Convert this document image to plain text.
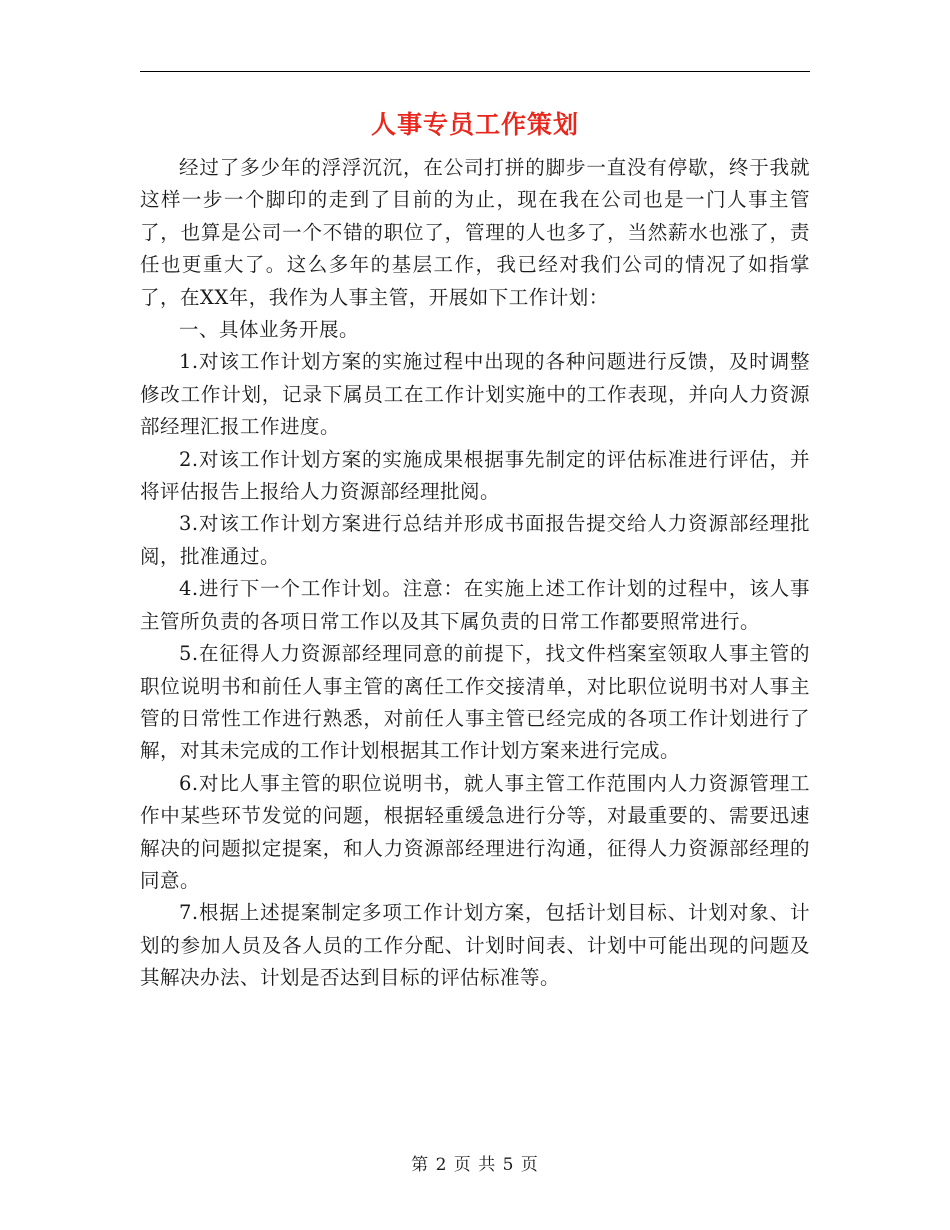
人事专员工作策划

经过了多少年的浮浮沉沉，在公司打拼的脚步一直没有停歇，终于我就这样一步一个脚印的走到了目前的为止，现在我在公司也是一门人事主管了，也算是公司一个不错的职位了，管理的人也多了，当然薪水也涨了，责任也更重大了。这么多年的基层工作，我已经对我们公司的情况了如指掌了，在XX年，我作为人事主管，开展如下工作计划：

一、具体业务开展。

1.对该工作计划方案的实施过程中出现的各种问题进行反馈，及时调整修改工作计划，记录下属员工在工作计划实施中的工作表现，并向人力资源部经理汇报工作进度。

2.对该工作计划方案的实施成果根据事先制定的评估标准进行评估，并将评估报告上报给人力资源部经理批阅。

3.对该工作计划方案进行总结并形成书面报告提交给人力资源部经理批阅，批准通过。

4.进行下一个工作计划。注意：在实施上述工作计划的过程中，该人事主管所负责的各项日常工作以及其下属负责的日常工作都要照常进行。

5.在征得人力资源部经理同意的前提下，找文件档案室领取人事主管的职位说明书和前任人事主管的离任工作交接清单，对比职位说明书对人事主管的日常性工作进行熟悉，对前任人事主管已经完成的各项工作计划进行了解，对其未完成的工作计划根据其工作计划方案来进行完成。

6.对比人事主管的职位说明书，就人事主管工作范围内人力资源管理工作中某些环节发觉的问题，根据轻重缓急进行分等，对最重要的、需要迅速解决的问题拟定提案，和人力资源部经理进行沟通，征得人力资源部经理的同意。

7.根据上述提案制定多项工作计划方案，包括计划目标、计划对象、计划的参加人员及各人员的工作分配、计划时间表、计划中可能出现的问题及其解决办法、计划是否达到目标的评估标准等。

第 2 页 共 5 页
